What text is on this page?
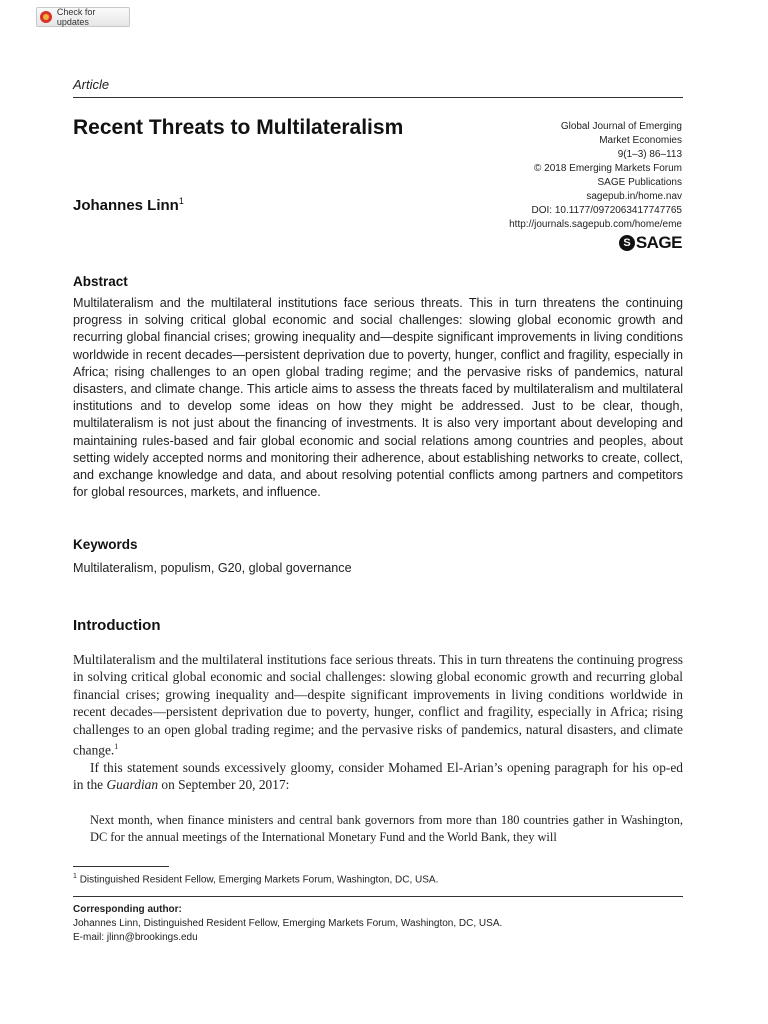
Check for updates
Article
Recent Threats to Multilateralism
Johannes Linn$^1$
Global Journal of Emerging
Market Economies
9(1–3) 86–113
© 2018 Emerging Markets Forum
SAGE Publications
sagepub.in/home.nav
DOI: 10.1177/0972063417747765
http://journals.sagepub.com/home/eme
S SAGE
Abstract

Multilateralism and the multilateral institutions face serious threats. This in turn threatens the continuing progress in solving critical global economic and social challenges: slowing global economic growth and recurring global financial crises; growing inequality and—despite significant improvements in living conditions worldwide in recent decades—persistent deprivation due to poverty, hunger, conflict and fragility, especially in Africa; rising challenges to an open global trading regime; and the pervasive risks of pandemics, natural disasters, and climate change. This article aims to assess the threats faced by multilateralism and multilateral institutions and to develop some ideas on how they might be addressed. Just to be clear, though, multilateralism is not just about the financing of investments. It is also very important about developing and maintaining rules-based and fair global economic and social relations among countries and peoples, about setting widely accepted norms and monitoring their adherence, about establishing networks to create, collect, and exchange knowledge and data, and about resolving potential conflicts among partners and competitors for global resources, markets, and influence.

Keywords
Multilateralism, populism, G20, global governance
Introduction

Multilateralism and the multilateral institutions face serious threats. This in turn threatens the continuing progress in solving critical global economic and social challenges: slowing global economic growth and recurring global financial crises; growing inequality and—despite significant improvements in living conditions worldwide in recent decades—persistent deprivation due to poverty, hunger, conflict and fragility, especially in Africa; rising challenges to an open global trading regime; and the pervasive risks of pandemics, natural disasters, and climate change.$^1$

If this statement sounds excessively gloomy, consider Mohamed El-Arian’s opening paragraph for his op-ed in the Guardian on September 20, 2017:

Next month, when finance ministers and central bank governors from more than 180 countries gather in Washington, DC for the annual meetings of the International Monetary Fund and the World Bank, they will

$^1$ Distinguished Resident Fellow, Emerging Markets Forum, Washington, DC, USA.
Corresponding author:
Johannes Linn, Distinguished Resident Fellow, Emerging Markets Forum, Washington, DC, USA.
E-mail: jlinn@brookings.edu
